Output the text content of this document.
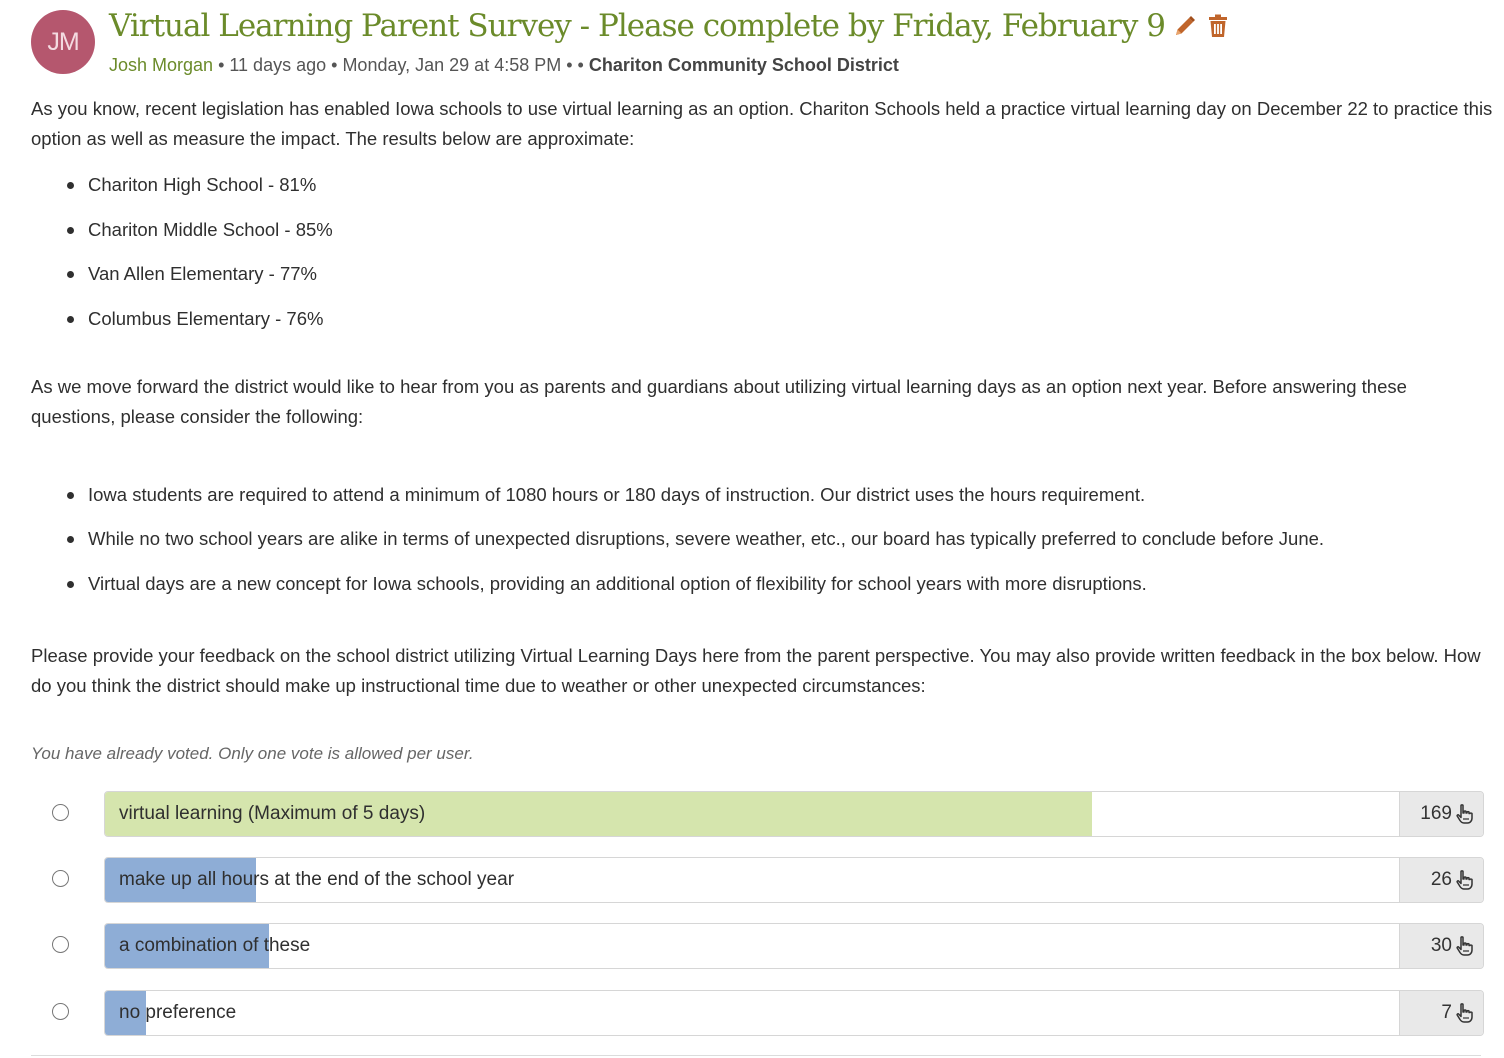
JM Virtual Learning Parent Survey - Please complete by Friday, February 9
Josh Morgan • 11 days ago • Monday, Jan 29 at 4:58 PM • • Chariton Community School District

As you know, recent legislation has enabled Iowa schools to use virtual learning as an option. Chariton Schools held a practice virtual learning day on December 22 to practice this option as well as measure the impact. The results below are approximate:

Chariton High School - 81%
Chariton Middle School - 85%
Van Allen Elementary - 77%
Columbus Elementary - 76%

As we move forward the district would like to hear from you as parents and guardians about utilizing virtual learning days as an option next year. Before answering these questions, please consider the following:

Iowa students are required to attend a minimum of 1080 hours or 180 days of instruction. Our district uses the hours requirement.
While no two school years are alike in terms of unexpected disruptions, severe weather, etc., our board has typically preferred to conclude before June.
Virtual days are a new concept for Iowa schools, providing an additional option of flexibility for school years with more disruptions.

Please provide your feedback on the school district utilizing Virtual Learning Days here from the parent perspective. You may also provide written feedback in the box below. How do you think the district should make up instructional time due to weather or other unexpected circumstances:

You have already voted. Only one vote is allowed per user.
virtual learning (Maximum of 5 days)	169
make up all hours at the end of the school year	26
a combination of these	30
no preference	7
